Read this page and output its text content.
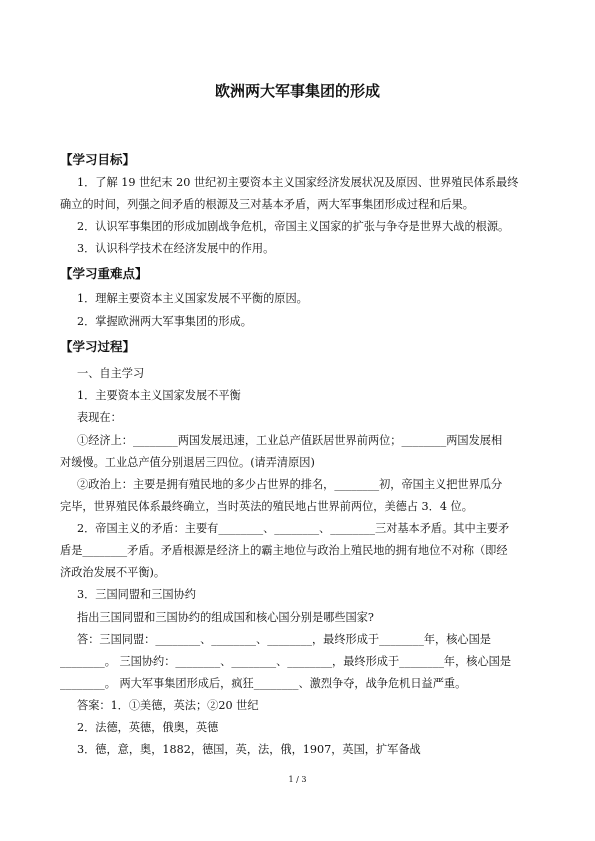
欧洲两大军事集团的形成
【学习目标】
1．了解 19 世纪末 20 世纪初主要资本主义国家经济发展状况及原因、世界殖民体系最终
确立的时间，列强之间矛盾的根源及三对基本矛盾，两大军事集团形成过程和后果。
2．认识军事集团的形成加剧战争危机，帝国主义国家的扩张与争夺是世界大战的根源。
3．认识科学技术在经济发展中的作用。
【学习重难点】
1．理解主要资本主义国家发展不平衡的原因。
2．掌握欧洲两大军事集团的形成。
【学习过程】
一、自主学习
1．主要资本主义国家发展不平衡
表现在：
①经济上：________两国发展迅速，工业总产值跃居世界前两位；________两国发展相
对缓慢。工业总产值分别退居三四位。(请弄清原因)
②政治上：主要是拥有殖民地的多少占世界的排名，________初，帝国主义把世界瓜分
完毕，世界殖民体系最终确立，当时英法的殖民地占世界前两位，美德占 3．4 位。
2．帝国主义的矛盾：主要有________、________、________三对基本矛盾。其中主要矛
盾是________矛盾。矛盾根源是经济上的霸主地位与政治上殖民地的拥有地位不对称（即经
济政治发展不平衡)。
3．三国同盟和三国协约
指出三国同盟和三国协约的组成国和核心国分别是哪些国家?
答：三国同盟：________、________、________，最终形成于________年，核心国是
________。 三国协约：________、________、________，最终形成于________年，核心国是
________。 两大军事集团形成后，疯狂________、激烈争夺，战争危机日益严重。
答案：1．①美德，英法；②20 世纪
2．法德，英德，俄奥，英德
3．德，意，奥，1882，德国，英，法，俄，1907，英国，扩军备战
1 / 3
